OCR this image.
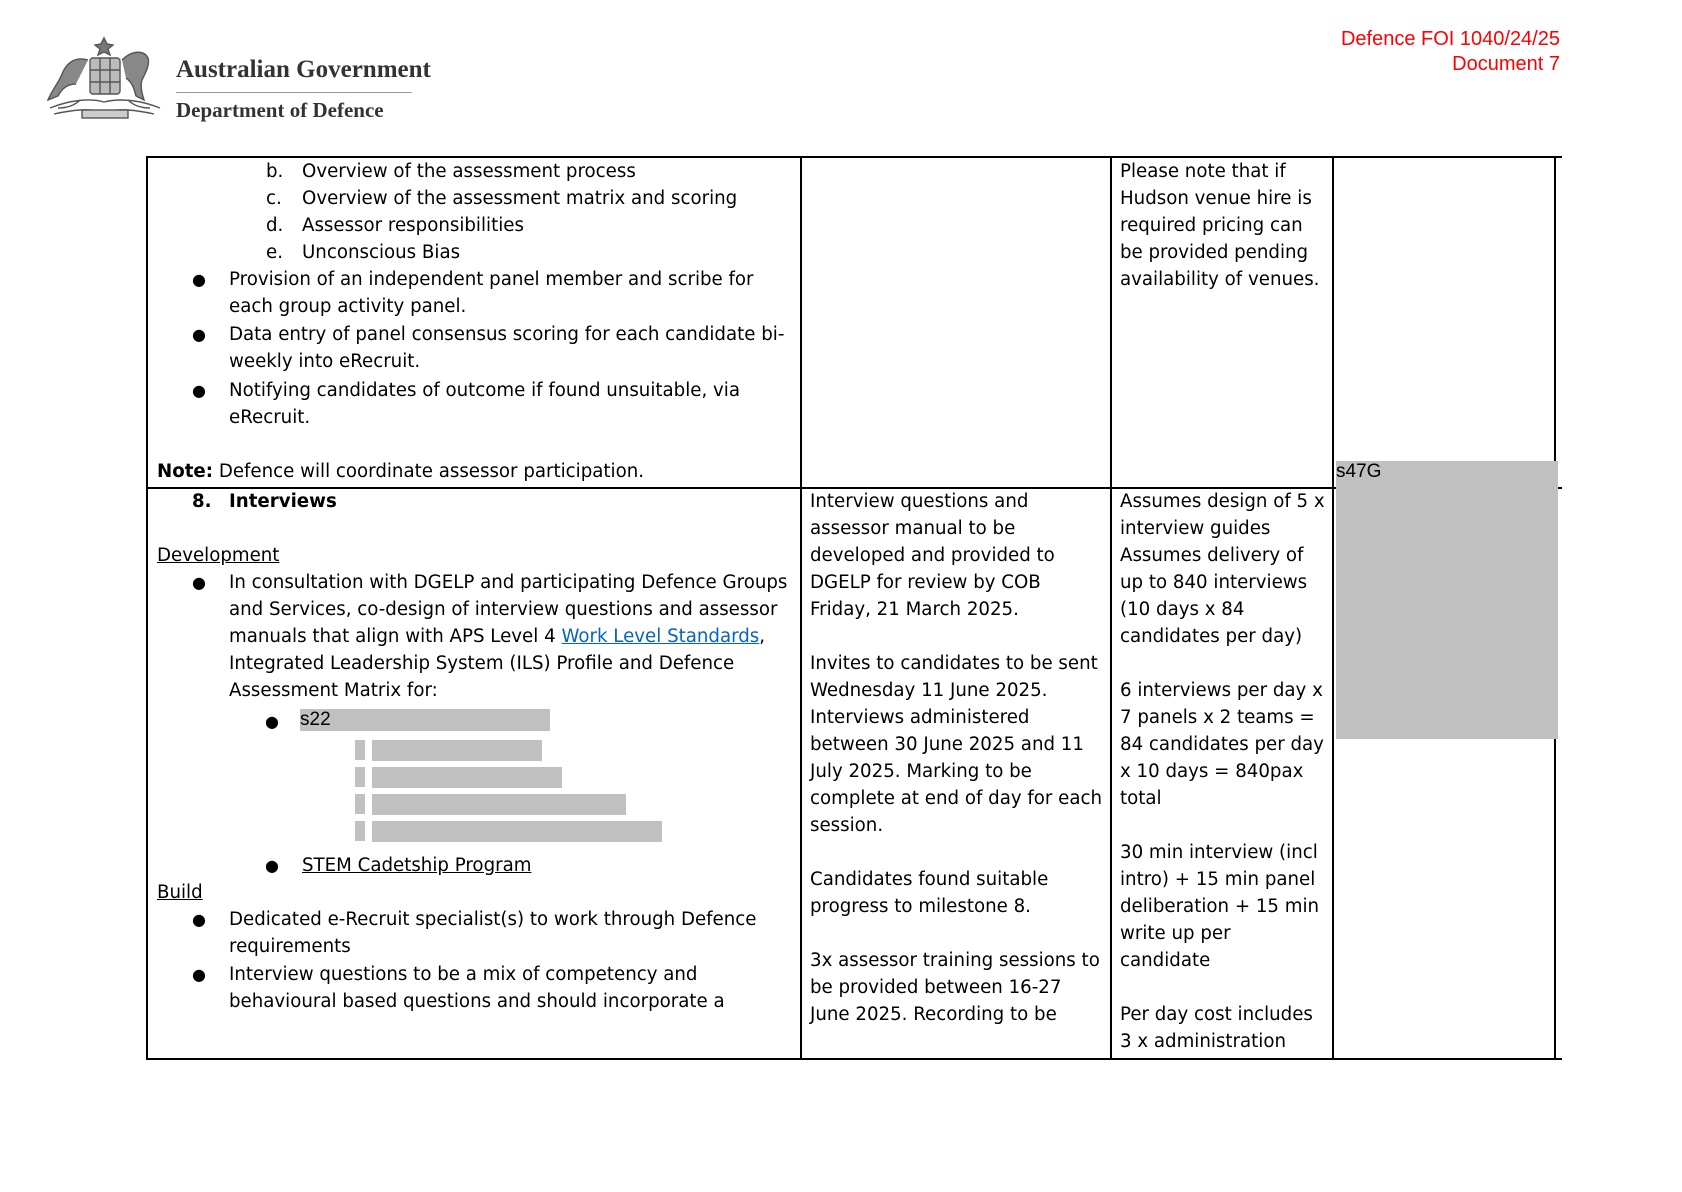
Australian Government
Department of Defence
Defence FOI 1040/24/25
Document 7
b. Overview of the assessment process
c. Overview of the assessment matrix and scoring
d. Assessor responsibilities
e. Unconscious Bias
● Provision of an independent panel member and scribe for
each group activity panel.
● Data entry of panel consensus scoring for each candidate bi-
weekly into eRecruit.
● Notifying candidates of outcome if found unsuitable, via
eRecruit.
Note: Defence will coordinate assessor participation.
Please note that if
Hudson venue hire is
required pricing can
be provided pending
availability of venues.
8. Interviews
Development
● In consultation with DGELP and participating Defence Groups
and Services, co-design of interview questions and assessor
manuals that align with APS Level 4 Work Level Standards,
Integrated Leadership System (ILS) Profile and Defence
Assessment Matrix for:
● s22
● STEM Cadetship Program
Build
● Dedicated e-Recruit specialist(s) to work through Defence
requirements
● Interview questions to be a mix of competency and
behavioural based questions and should incorporate a
Interview questions and
assessor manual to be
developed and provided to
DGELP for review by COB
Friday, 21 March 2025.
Invites to candidates to be sent
Wednesday 11 June 2025.
Interviews administered
between 30 June 2025 and 11
July 2025. Marking to be
complete at end of day for each
session.
Candidates found suitable
progress to milestone 8.
3x assessor training sessions to
be provided between 16-27
June 2025. Recording to be
Assumes design of 5 x
interview guides
Assumes delivery of
up to 840 interviews
(10 days x 84
candidates per day)
6 interviews per day x
7 panels x 2 teams =
84 candidates per day
x 10 days = 840pax
total
30 min interview (incl
intro) + 15 min panel
deliberation + 15 min
write up per
candidate
Per day cost includes
3 x administration
s47G
